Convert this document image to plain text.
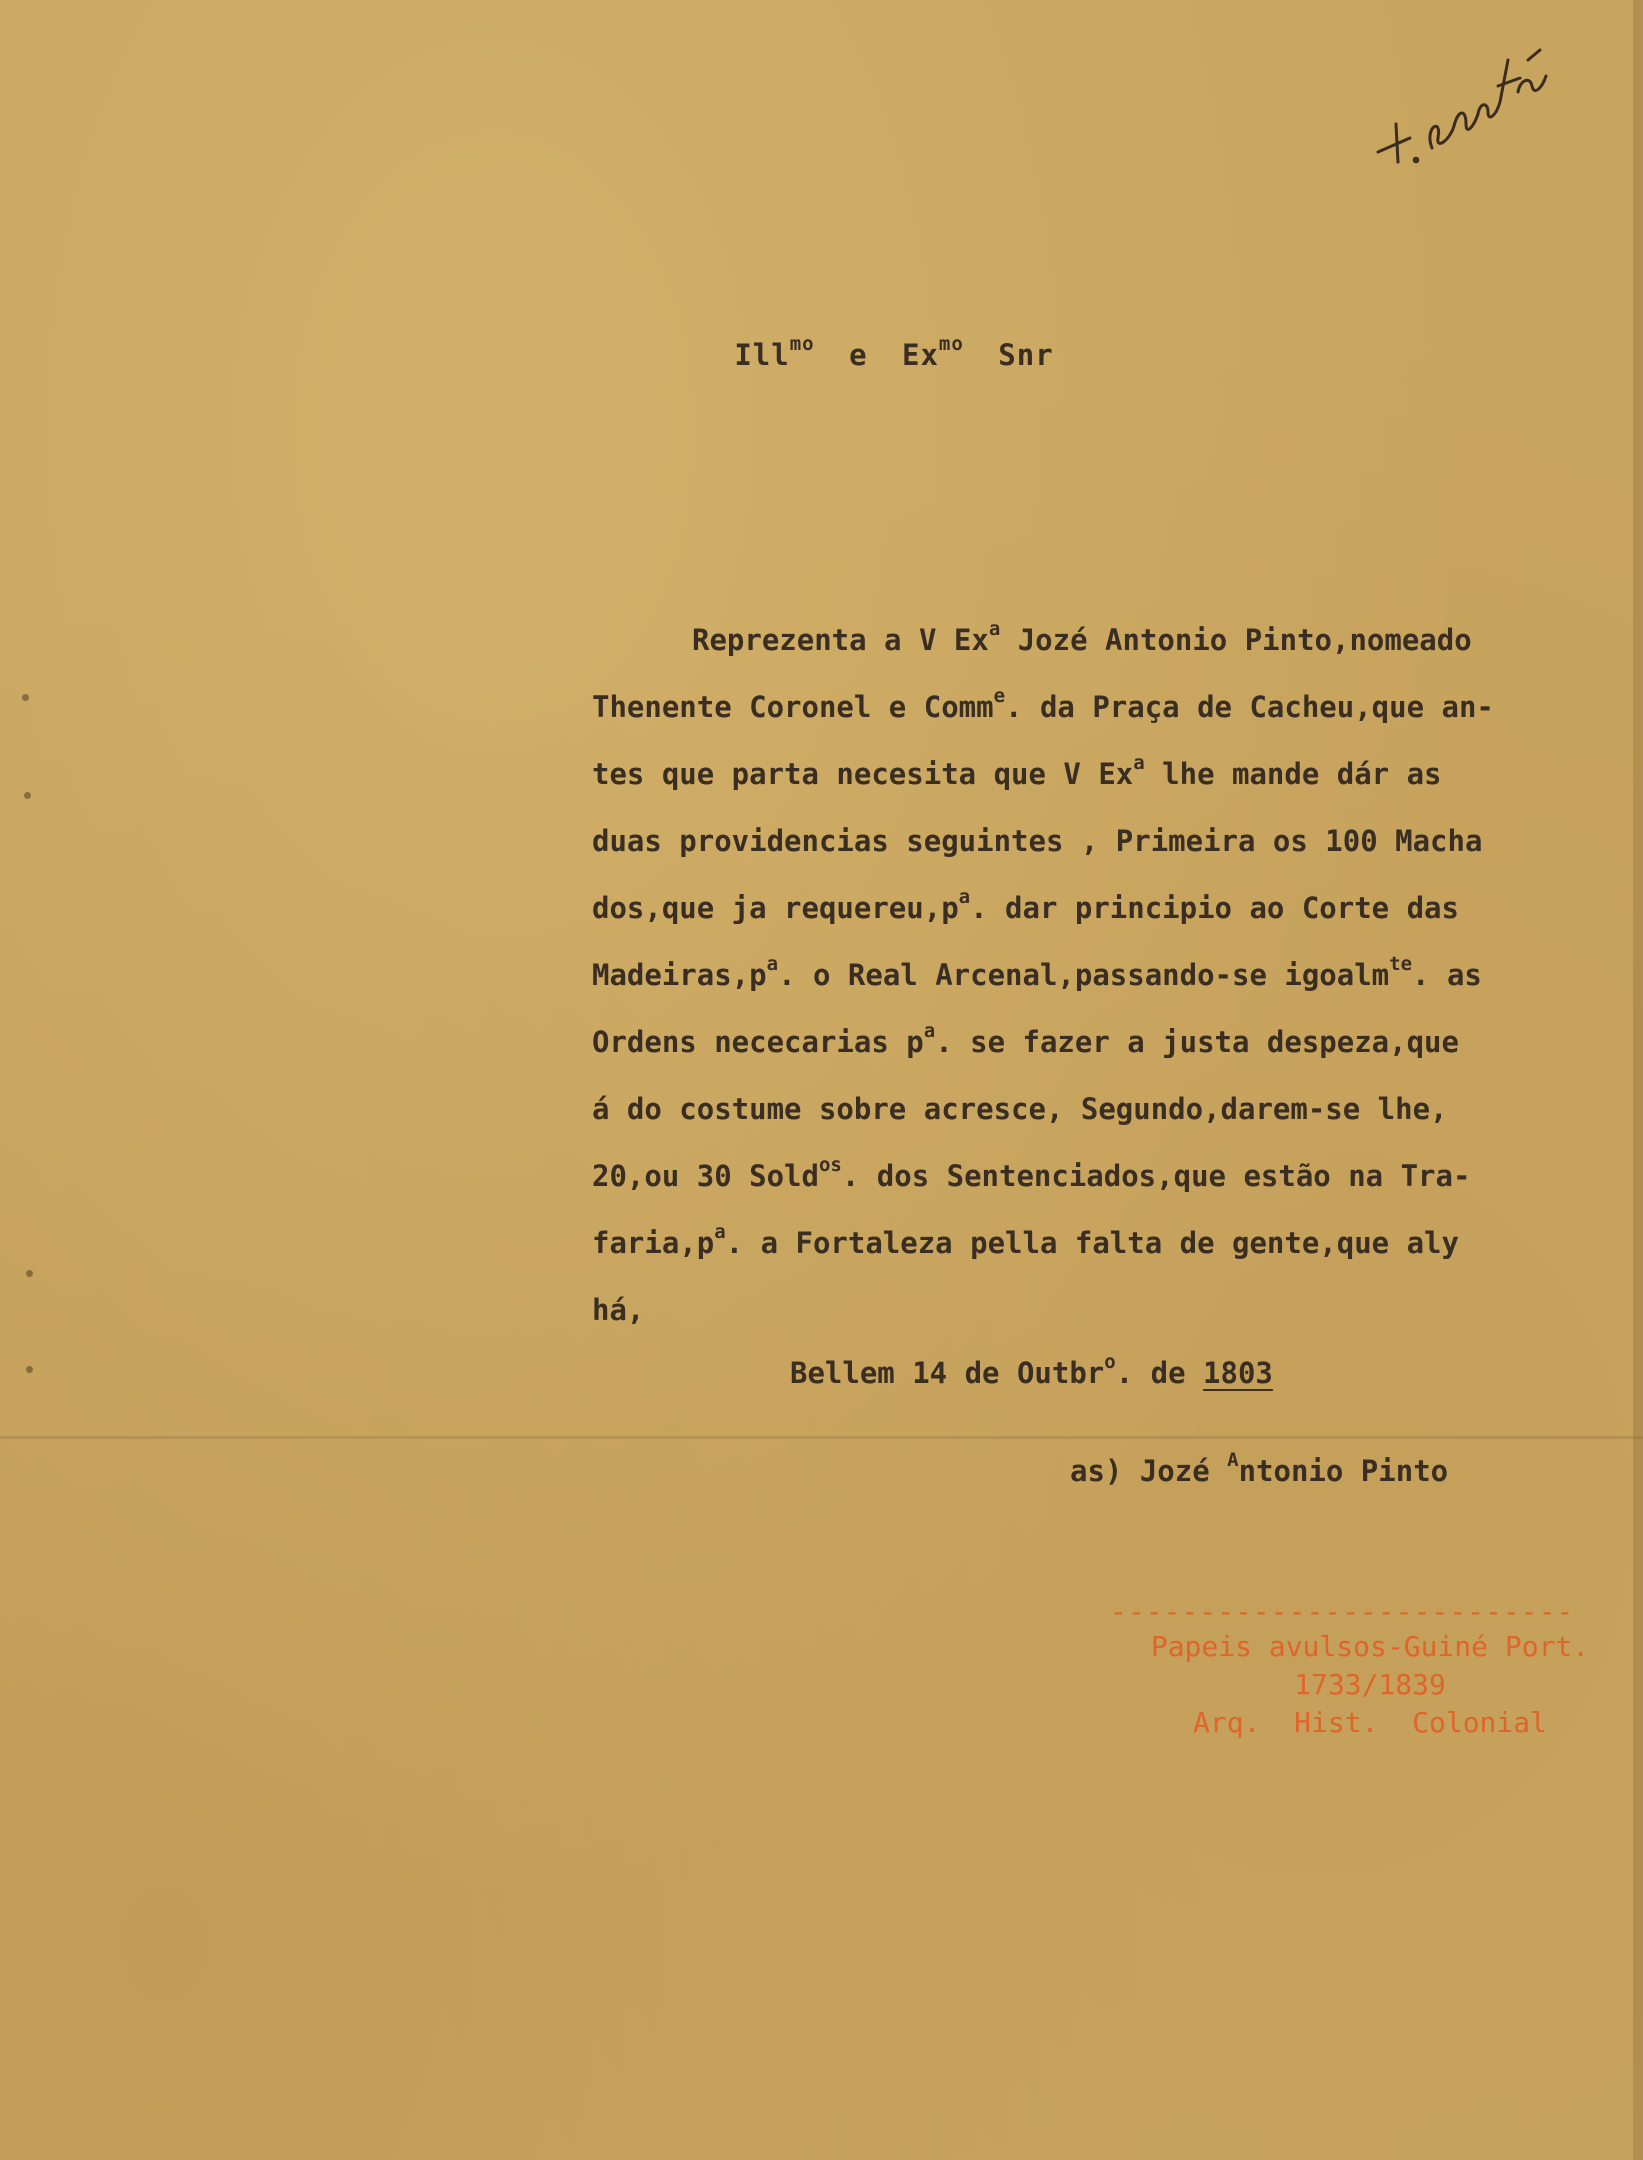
Ill$^{mo}$ e $Ex^{mo}$ Snr
Reprezenta a V Ex$^a$ Jozé Antonio Pinto,nomeado
Thenente Coronel e Comm$^e$. da Praça de Cacheu,que an-
tes que parta necesita que V Ex$^a$ lhe mande dár as
duas providencias seguintes , Primeira os 100 Macha
dos,que ja $requereu,p^a$. dar principio ao Corte das
$Madeiras,p^a$. o Real Arcenal,passando-se igoalm$^{te}$. as
Ordens nececarias $p^a$. se fazer a justa despeza,que
á do costume sobre acresce, Segundo,darem-se lhe,
20,ou 30 Sold$^{os}$. dos Sentenciados,que estão na Tra-
$faria,p^a$. a Fortaleza pella falta de gente,que aly
há,
Bellem 14 de Outbr$^o$. de 1803
as) Jozé $^A$ntonio Pinto
--------------------------
Papeis avulsos-Guiné Port.
1733/1839
Arq.  Hist.  Colonial
